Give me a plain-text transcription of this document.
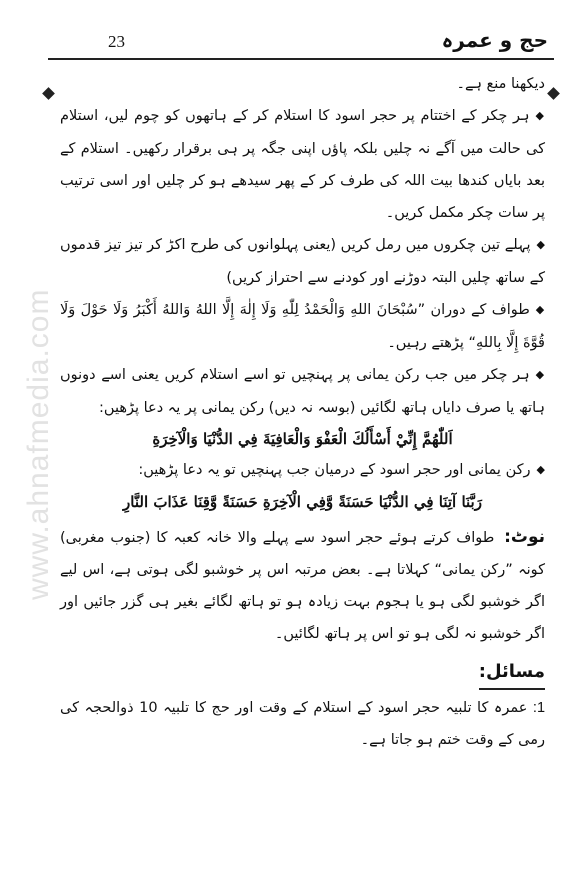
حج و عمرہ
23
www.ahnafmedia.com

دیکھنا منع ہے۔

◆ ہر چکر کے اختتام پر حجر اسود کا استلام کر کے ہاتھوں کو چوم لیں، استلام کی حالت میں آگے نہ چلیں بلکہ پاؤں اپنی جگہ پر ہی برقرار رکھیں۔ استلام کے بعد بایاں کندھا بیت اللہ کی طرف کر کے پھر سیدھے ہو کر چلیں اور اسی ترتیب پر سات چکر مکمل کریں۔

◆ پہلے تین چکروں میں رمل کریں (یعنی پہلوانوں کی طرح اکڑ کر تیز تیز قدموں کے ساتھ چلیں البتہ دوڑنے اور کودنے سے احتراز کریں)

◆ طواف کے دوران ”سُبْحَانَ اللهِ وَالْحَمْدُ لِلّٰهِ وَلَا إِلٰهَ إِلَّا اللهُ وَاللهُ أَكْبَرُ وَلَا حَوْلَ وَلَا قُوَّةَ إِلَّا بِاللهِ“ پڑھتے رہیں۔

◆ ہر چکر میں جب رکن یمانی پر پہنچیں تو اسے استلام کریں یعنی اسے دونوں ہاتھ یا صرف دایاں ہاتھ لگائیں (بوسہ نہ دیں) رکن یمانی پر یہ دعا پڑھیں:

اَللّٰهُمَّ إِنِّيْ أَسْأَلُكَ الْعَفْوَ وَالْعَافِيَةَ فِي الدُّنْيَا وَالْآخِرَةِ

◆ رکن یمانی اور حجر اسود کے درمیان جب پہنچیں تو یہ دعا پڑھیں:

رَبَّنَا آتِنَا فِي الدُّنْيَا حَسَنَةً وَّفِي الْآخِرَةِ حَسَنَةً وَّقِنَا عَذَابَ النَّارِ

نوٹ: طواف کرتے ہوئے حجر اسود سے پہلے والا خانہ کعبہ کا (جنوب مغربی) کونہ ”رکن یمانی“ کہلاتا ہے۔ بعض مرتبہ اس پر خوشبو لگی ہوتی ہے، اس لیے اگر خوشبو لگی ہو یا ہجوم بہت زیادہ ہو تو ہاتھ لگائے بغیر ہی گزر جائیں اور اگر خوشبو نہ لگی ہو تو اس پر ہاتھ لگائیں۔

مسائل:

1: عمرہ کا تلبیہ حجر اسود کے استلام کے وقت اور حج کا تلبیہ 10 ذوالحجہ کی رمی کے وقت ختم ہو جاتا ہے۔
